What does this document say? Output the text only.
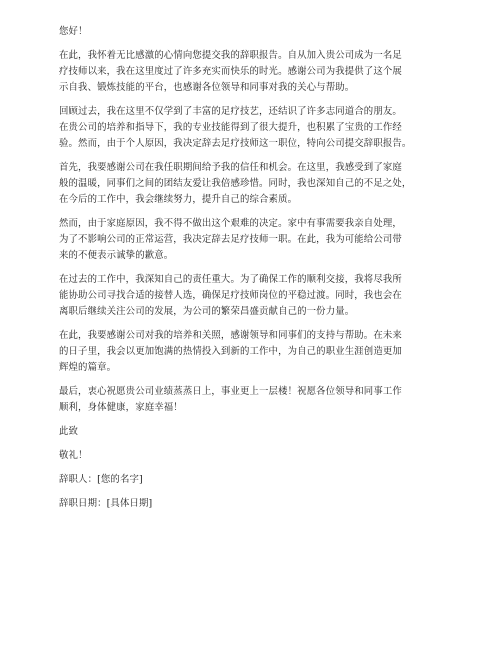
您好！
在此，我怀着无比感激的心情向您提交我的辞职报告。自从加入贵公司成为一名足
疗技师以来，我在这里度过了许多充实而快乐的时光。感谢公司为我提供了这个展
示自我、锻炼技能的平台，也感谢各位领导和同事对我的关心与帮助。
回顾过去，我在这里不仅学到了丰富的足疗技艺，还结识了许多志同道合的朋友。
在贵公司的培养和指导下，我的专业技能得到了很大提升，也积累了宝贵的工作经
验。然而，由于个人原因，我决定辞去足疗技师这一职位，特向公司提交辞职报告。
首先，我要感谢公司在我任职期间给予我的信任和机会。在这里，我感受到了家庭
般的温暖，同事们之间的团结友爱让我倍感珍惜。同时，我也深知自己的不足之处，
在今后的工作中，我会继续努力，提升自己的综合素质。
然而，由于家庭原因，我不得不做出这个艰难的决定。家中有事需要我亲自处理，
为了不影响公司的正常运营，我决定辞去足疗技师一职。在此，我为可能给公司带
来的不便表示诚挚的歉意。
在过去的工作中，我深知自己的责任重大。为了确保工作的顺利交接，我将尽我所
能协助公司寻找合适的接替人选，确保足疗技师岗位的平稳过渡。同时，我也会在
离职后继续关注公司的发展，为公司的繁荣昌盛贡献自己的一份力量。
在此，我要感谢公司对我的培养和关照，感谢领导和同事们的支持与帮助。在未来
的日子里，我会以更加饱满的热情投入到新的工作中，为自己的职业生涯创造更加
辉煌的篇章。
最后，衷心祝愿贵公司业绩蒸蒸日上，事业更上一层楼！祝愿各位领导和同事工作
顺利，身体健康，家庭幸福！
此致
敬礼！
辞职人：[您的名字]
辞职日期：[具体日期]
